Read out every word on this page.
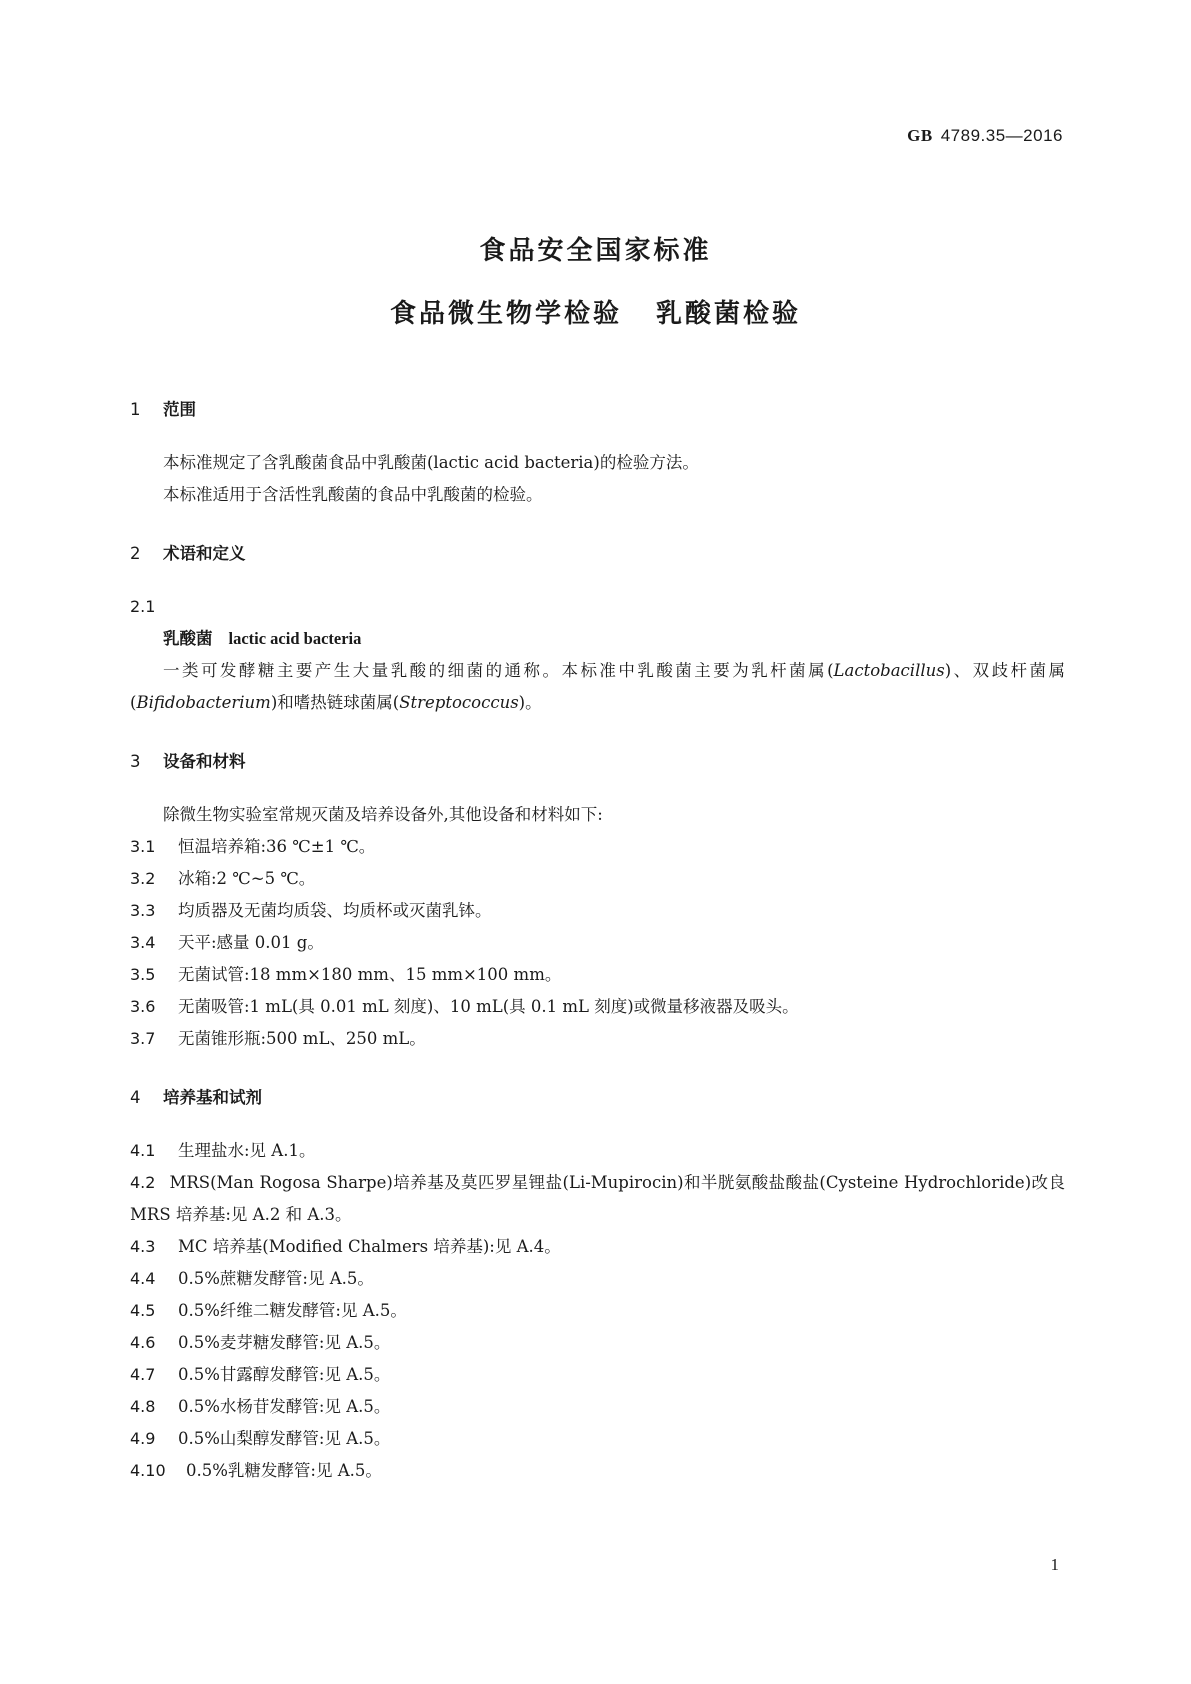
GB 4789.35—2016
食品安全国家标准
食品微生物学检验 乳酸菌检验
1 范围
本标准规定了含乳酸菌食品中乳酸菌(lactic acid bacteria)的检验方法。
本标准适用于含活性乳酸菌的食品中乳酸菌的检验。
2 术语和定义
2.1
乳酸菌 lactic acid bacteria
一类可发酵糖主要产生大量乳酸的细菌的通称。本标准中乳酸菌主要为乳杆菌属(Lactobacillus)、双歧杆菌属(Bifidobacterium)和嗜热链球菌属(Streptococcus)。
3 设备和材料
除微生物实验室常规灭菌及培养设备外,其他设备和材料如下:
3.1 恒温培养箱:36 ℃±1 ℃。
3.2 冰箱:2 ℃~5 ℃。
3.3 均质器及无菌均质袋、均质杯或灭菌乳钵。
3.4 天平:感量 0.01 g。
3.5 无菌试管:18 mm×180 mm、15 mm×100 mm。
3.6 无菌吸管:1 mL(具 0.01 mL 刻度)、10 mL(具 0.1 mL 刻度)或微量移液器及吸头。
3.7 无菌锥形瓶:500 mL、250 mL。
4 培养基和试剂
4.1 生理盐水:见 A.1。
4.2 MRS(Man Rogosa Sharpe)培养基及莫匹罗星锂盐(Li-Mupirocin)和半胱氨酸盐酸盐(Cysteine Hydrochloride)改良 MRS 培养基:见 A.2 和 A.3。
4.3 MC 培养基(Modified Chalmers 培养基):见 A.4。
4.4 0.5%蔗糖发酵管:见 A.5。
4.5 0.5%纤维二糖发酵管:见 A.5。
4.6 0.5%麦芽糖发酵管:见 A.5。
4.7 0.5%甘露醇发酵管:见 A.5。
4.8 0.5%水杨苷发酵管:见 A.5。
4.9 0.5%山梨醇发酵管:见 A.5。
4.10 0.5%乳糖发酵管:见 A.5。
1
